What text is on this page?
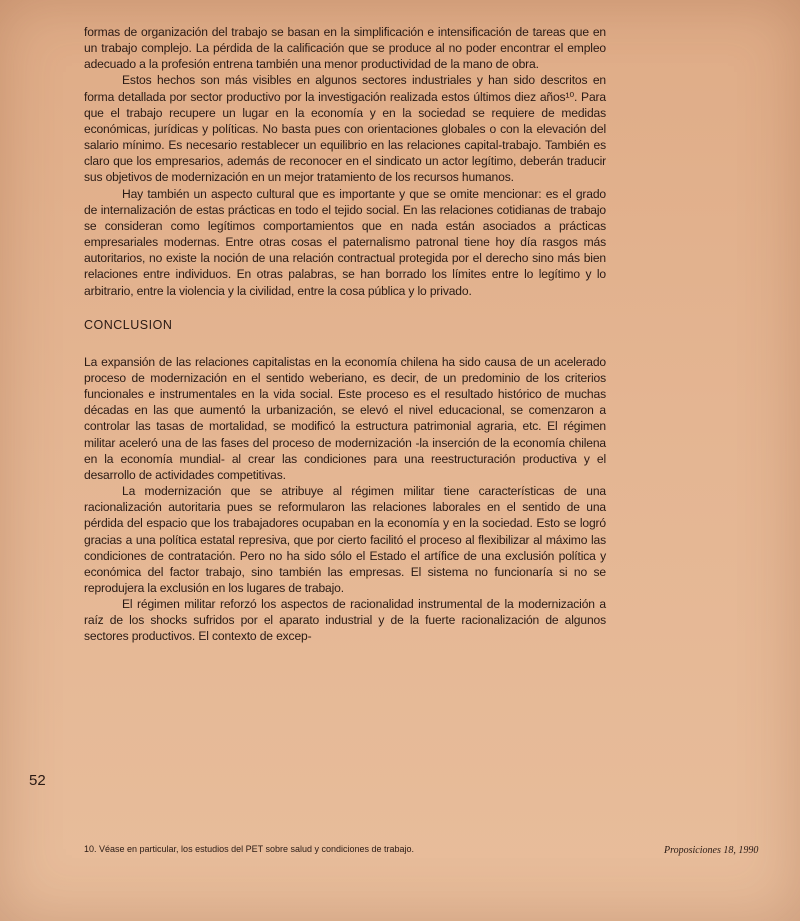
formas de organización del trabajo se basan en la simplificación e intensificación de tareas que en un trabajo complejo. La pérdida de la calificación que se produce al no poder encontrar el empleo adecuado a la profesión entrena también una menor productividad de la mano de obra.

Estos hechos son más visibles en algunos sectores industriales y han sido descritos en forma detallada por sector productivo por la investigación realizada estos últimos diez años¹⁰. Para que el trabajo recupere un lugar en la economía y en la sociedad se requiere de medidas económicas, jurídicas y políticas. No basta pues con orientaciones globales o con la elevación del salario mínimo. Es necesario restablecer un equilibrio en las relaciones capital-trabajo. También es claro que los empresarios, además de reconocer en el sindicato un actor legítimo, deberán traducir sus objetivos de modernización en un mejor tratamiento de los recursos humanos.

Hay también un aspecto cultural que es importante y que se omite mencionar: es el grado de internalización de estas prácticas en todo el tejido social. En las relaciones cotidianas de trabajo se consideran como legítimos comportamientos que en nada están asociados a prácticas empresariales modernas. Entre otras cosas el paternalismo patronal tiene hoy día rasgos más autoritarios, no existe la noción de una relación contractual protegida por el derecho sino más bien relaciones entre individuos. En otras palabras, se han borrado los límites entre lo legítimo y lo arbitrario, entre la violencia y la civilidad, entre la cosa pública y lo privado.

CONCLUSION

La expansión de las relaciones capitalistas en la economía chilena ha sido causa de un acelerado proceso de modernización en el sentido weberiano, es decir, de un predominio de los criterios funcionales e instrumentales en la vida social. Este proceso es el resultado histórico de muchas décadas en las que aumentó la urbanización, se elevó el nivel educacional, se comenzaron a controlar las tasas de mortalidad, se modificó la estructura patrimonial agraria, etc. El régimen militar aceleró una de las fases del proceso de modernización -la inserción de la economía chilena en la economía mundial- al crear las condiciones para una reestructuración productiva y el desarrollo de actividades competitivas.

La modernización que se atribuye al régimen militar tiene características de una racionalización autoritaria pues se reformularon las relaciones laborales en el sentido de una pérdida del espacio que los trabajadores ocupaban en la economía y en la sociedad. Esto se logró gracias a una política estatal represiva, que por cierto facilitó el proceso al flexibilizar al máximo las condiciones de contratación. Pero no ha sido sólo el Estado el artífice de una exclusión política y económica del factor trabajo, sino también las empresas. El sistema no funcionaría si no se reprodujera la exclusión en los lugares de trabajo.

El régimen militar reforzó los aspectos de racionalidad instrumental de la modernización a raíz de los shocks sufridos por el aparato industrial y de la fuerte racionalización de algunos sectores productivos. El contexto de excep-

52
10. Véase en particular, los estudios del PET sobre salud y condiciones de trabajo.	Proposiciones 18, 1990
